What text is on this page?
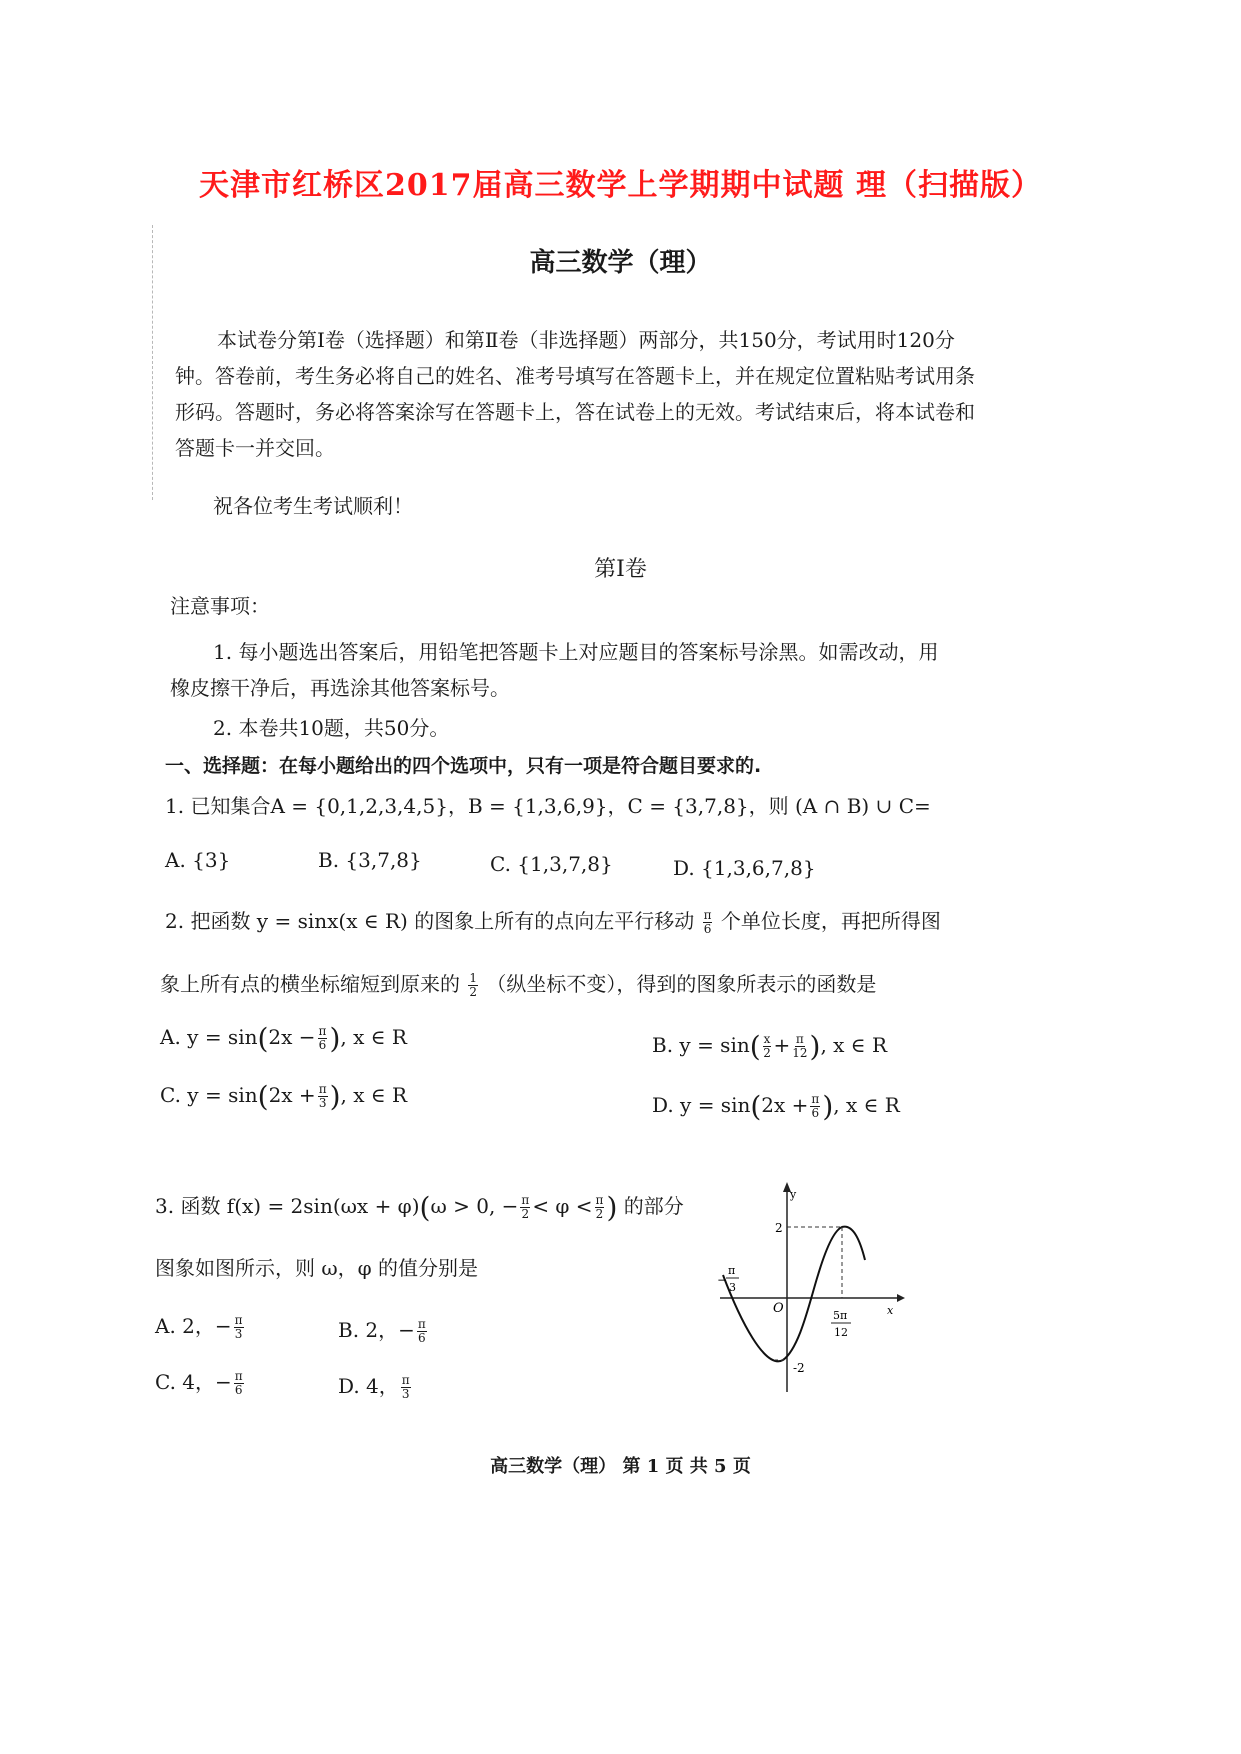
天津市红桥区2017届高三数学上学期期中试题 理（扫描版）
高三数学（理）

本试卷分第Ⅰ卷（选择题）和第Ⅱ卷（非选择题）两部分，共150分，考试用时120分钟。答卷前，考生务必将自己的姓名、准考号填写在答题卡上，并在规定位置粘贴考试用条形码。答题时，务必将答案涂写在答题卡上，答在试卷上的无效。考试结束后，将本试卷和答题卡一并交回。

祝各位考生考试顺利！
第Ⅰ卷
注意事项：
1. 每小题选出答案后，用铅笔把答题卡上对应题目的答案标号涂黑。如需改动，用
橡皮擦干净后，再选涂其他答案标号。
2. 本卷共10题，共50分。
一、选择题：在每小题给出的四个选项中，只有一项是符合题目要求的.
1. 已知集合A = {0,1,2,3,4,5}，B = {1,3,6,9}，C = {3,7,8}，则 (A ∩ B) ∪ C=
A. {3}	B. {3,7,8}	C. {1,3,7,8}	D. {1,3,6,7,8}
2. 把函数 y = sinx(x ∈ R) 的图象上所有的点向左平行移动 $\frac{\pi}{6}$ 个单位长度，再把所得图
象上所有点的横坐标缩短到原来的 $\frac{1}{2}$ （纵坐标不变），得到的图象所表示的函数是
A. $y = \sin(2x - \frac{\pi}{6}$ ), x ∈ R	B. $y = \sin( \frac{x}{2} + \frac{\pi}{12}$ ), x ∈ R
C. $y = \sin(2x + \frac{\pi}{3}$ ), x ∈ R	D. $y = \sin(2x + \frac{\pi}{6}$ ), x ∈ R
3. 函数 f(x) = 2sin(ωx + φ)(ω > 0, − $\frac{\pi}{2} < \varphi < \frac{\pi}{2}$ ) 的部分
图象如图所示，则 ω，φ 的值分别是
A. 2，− $\frac{\pi}{3}$	B. 2，− $\frac{\pi}{6}$
C. 4，− $\frac{\pi}{6}$	D. 4， $\frac{\pi}{3}$
y
2
-2
x
O
−
π
3
5π
12
高三数学（理） 第 1 页 共 5 页
